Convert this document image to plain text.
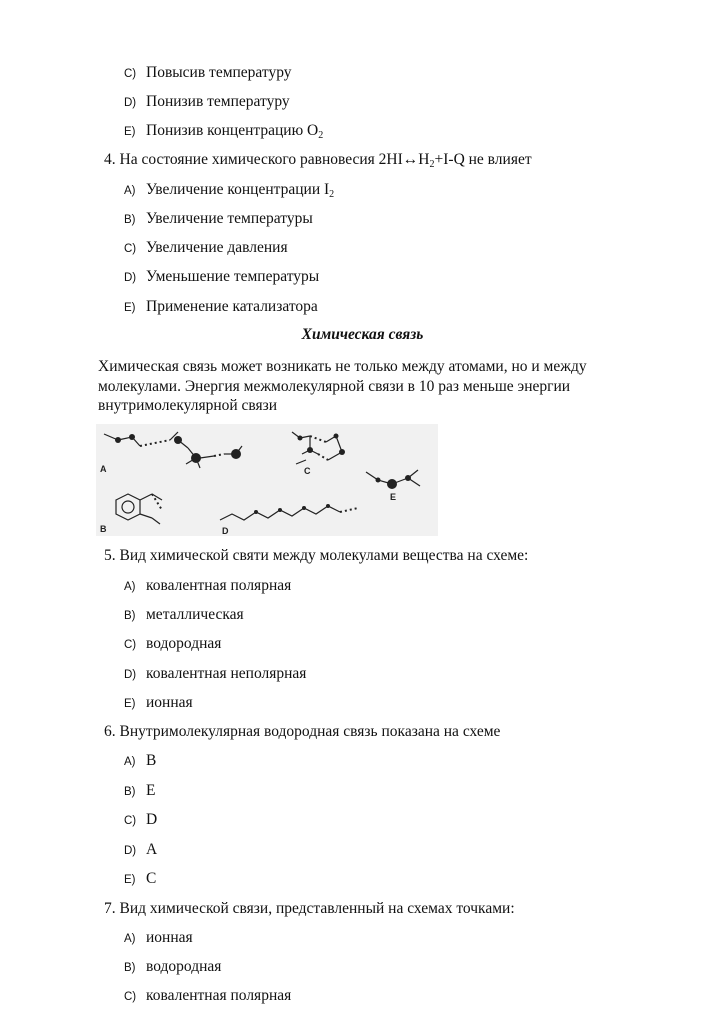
C) Повысив температуру
D) Понизив температуру
E) Понизив концентрацию $O_2$
4. На состояние химического равновесия $2HI\leftrightarrow H_2+I-Q$ не влияет
A) Увеличение концентрации $I_2$
B) Увеличение температуры
C) Увеличение давления
D) Уменьшение температуры
E) Применение катализатора
Химическая связь
Химическая связь может возникать не только между атомами, но и между молекулами. Энергия межмолекулярной связи в 10 раз меньше энергии внутримолекулярной связи
A
B
C
D
E
5. Вид химической святи между молекулами вещества на схеме:
A) ковалентная полярная
B) металлическая
C) водородная
D) ковалентная неполярная
E) ионная
6. Внутримолекулярная водородная связь показана на схеме
A) B
B) E
C) D
D) A
E) C
7. Вид химической связи, представленный на схемах точками:
A) ионная
B) водородная
C) ковалентная полярная
